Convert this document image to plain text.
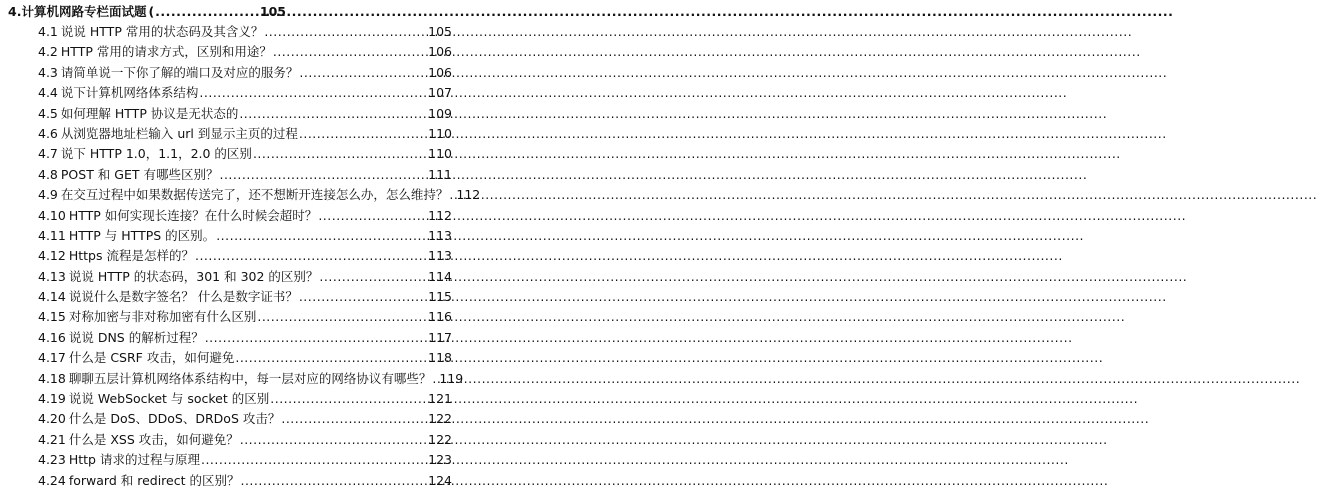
4.计算机网路专栏面试题 ( .....	105
4.1 说说 HTTP 常用的状态码及其含义？ .....	105
4.2 HTTP 常用的请求方式，区别和用途？ .....	106
4.3 请简单说一下你了解的端口及对应的服务？ .....	106
4.4 说下计算机网络体系结构 .....	107
4.5 如何理解 HTTP 协议是无状态的 .....	109
4.6 从浏览器地址栏输入 url 到显示主页的过程 .....	110
4.7 说下 HTTP 1.0，1.1，2.0 的区别 .....	110
4.8 POST 和 GET 有哪些区别？ .....	111
4.9 在交互过程中如果数据传送完了，还不想断开连接怎么办，怎么维持？ ..... 112
4.10 HTTP 如何实现长连接？在什么时候会超时？ .....	112
4.11 HTTP 与 HTTPS 的区别。 .....	113
4.12 Https 流程是怎样的？ .....	113
4.13 说说 HTTP 的状态码，301 和 302 的区别？ .....	114
4.14 说说什么是数字签名？ 什么是数字证书？ .....	115
4.15 对称加密与非对称加密有什么区别 .....	116
4.16 说说 DNS 的解析过程？ .....	117
4.17 什么是 CSRF 攻击，如何避免 .....	118
4.18 聊聊五层计算机网络体系结构中，每一层对应的网络协议有哪些？ ..... 119
4.19 说说 WebSocket 与 socket 的区别 .....	121
4.20 什么是 DoS、DDoS、DRDoS 攻击？ .....	122
4.21 什么是 XSS 攻击，如何避免？ .....	122
4.23 Http 请求的过程与原理 .....	123
4.24 forward 和 redirect 的区别？ .....	124
